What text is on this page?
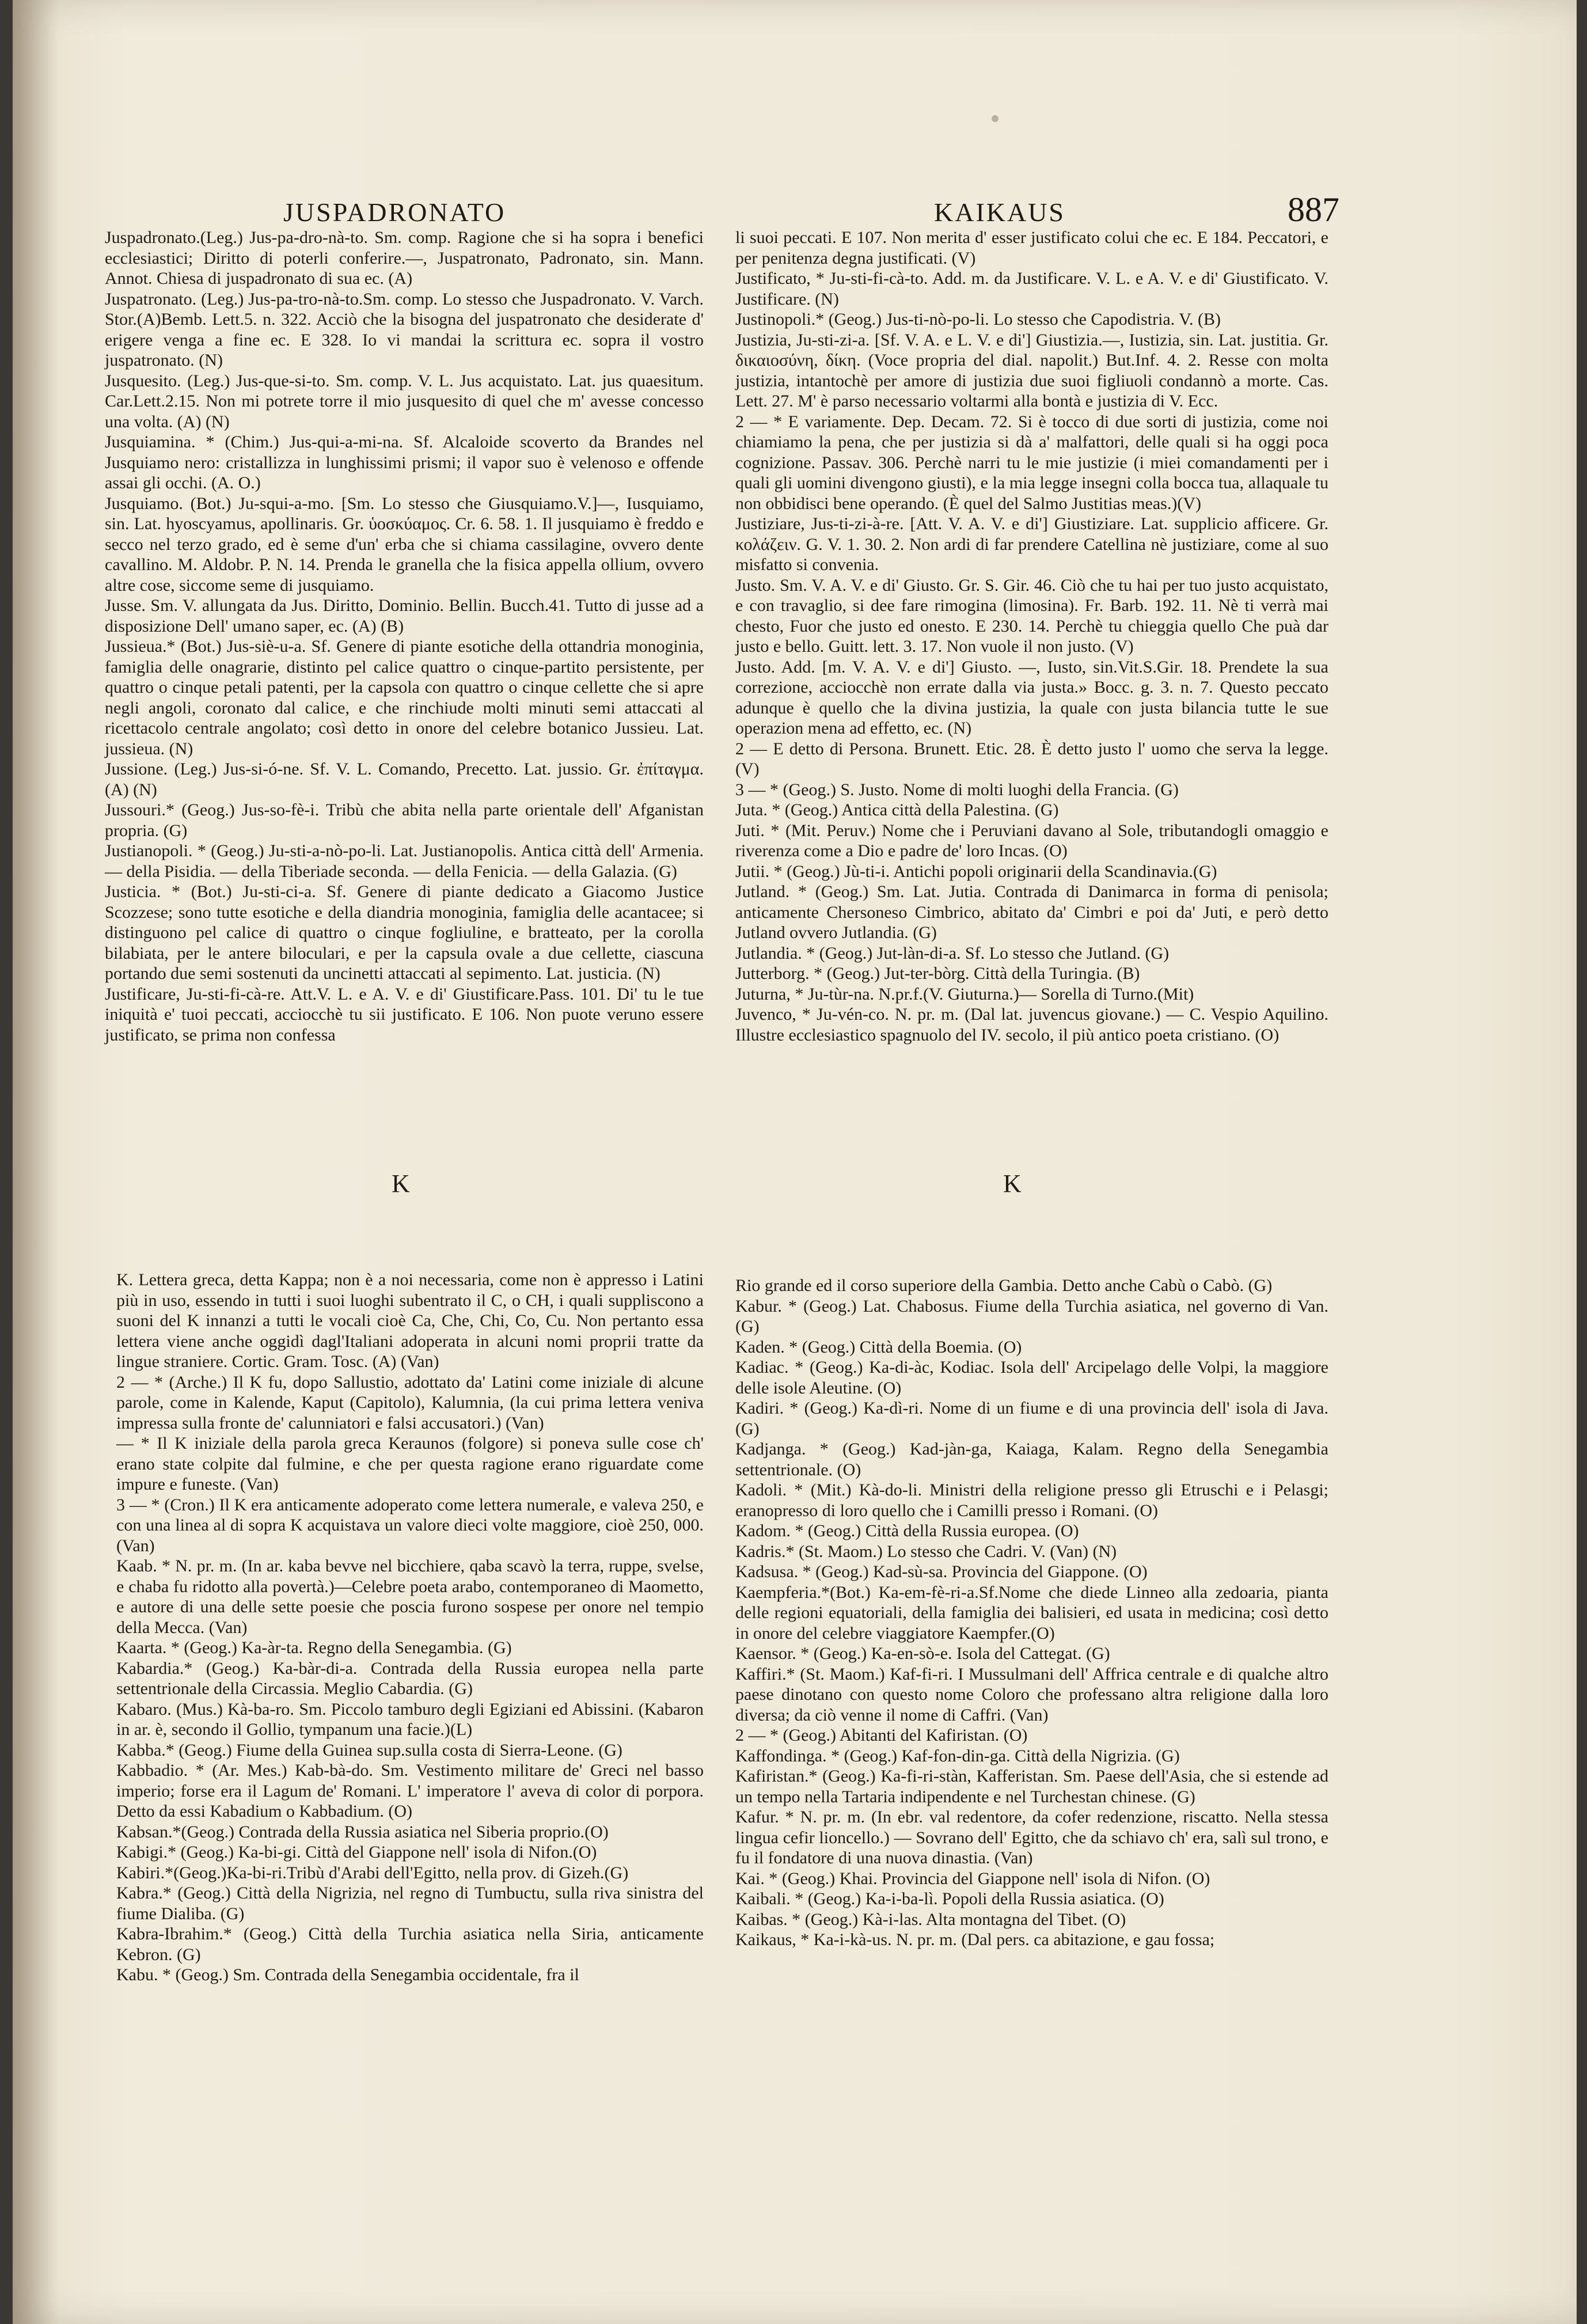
JUSPADRONATO	KAIKAUS	887

Juspadronato.(Leg.) Jus-pa-dro-nà-to. Sm. comp. Ragione che si ha sopra i benefici ecclesiastici; Diritto di poterli conferire.—, Juspatronato, Padronato, sin. Mann. Annot. Chiesa di juspadronato di sua ec. (A)

Juspatronato. (Leg.) Jus-pa-tro-nà-to.Sm. comp. Lo stesso che Juspadronato. V. Varch. Stor.(A)Bemb. Lett.5. n. 322. Acciò che la bisogna del juspatronato che desiderate d' erigere venga a fine ec. E 328. Io vi mandai la scrittura ec. sopra il vostro juspatronato. (N)

Jusquesito. (Leg.) Jus-que-si-to. Sm. comp. V. L. Jus acquistato. Lat. jus quaesitum. Car.Lett.2.15. Non mi potrete torre il mio jusquesito di quel che m' avesse concesso una volta. (A) (N)

Jusquiamina. * (Chim.) Jus-qui-a-mi-na. Sf. Alcaloide scoverto da Brandes nel Jusquiamo nero: cristallizza in lunghissimi prismi; il vapor suo è velenoso e offende assai gli occhi. (A. O.)

Jusquiamo. (Bot.) Ju-squi-a-mo. [Sm. Lo stesso che Giusquiamo.V.]—, Iusquiamo, sin. Lat. hyoscyamus, apollinaris. Gr. ὑοσκύαμος. Cr. 6. 58. 1. Il jusquiamo è freddo e secco nel terzo grado, ed è seme d'un' erba che si chiama cassilagine, ovvero dente cavallino. M. Aldobr. P. N. 14. Prenda le granella che la fisica appella ollium, ovvero altre cose, siccome seme di jusquiamo.

Jusse. Sm. V. allungata da Jus. Diritto, Dominio. Bellin. Bucch.41. Tutto di jusse ad a disposizione Dell' umano saper, ec. (A) (B)

Jussieua.* (Bot.) Jus-siè-u-a. Sf. Genere di piante esotiche della ottandria monoginia, famiglia delle onagrarie, distinto pel calice quattro o cinque-partito persistente, per quattro o cinque petali patenti, per la capsola con quattro o cinque cellette che si apre negli angoli, coronato dal calice, e che rinchiude molti minuti semi attaccati al ricettacolo centrale angolato; così detto in onore del celebre botanico Jussieu. Lat. jussieua. (N)

Jussione. (Leg.) Jus-si-ó-ne. Sf. V. L. Comando, Precetto. Lat. jussio. Gr. ἐπίταγμα. (A) (N)

Jussouri.* (Geog.) Jus-so-fè-i. Tribù che abita nella parte orientale dell' Afganistan propria. (G)

Justianopoli. * (Geog.) Ju-sti-a-nò-po-li. Lat. Justianopolis. Antica città dell' Armenia. — della Pisidia. — della Tiberiade seconda. — della Fenicia. — della Galazia. (G)

Justicia. * (Bot.) Ju-sti-ci-a. Sf. Genere di piante dedicato a Giacomo Justice Scozzese; sono tutte esotiche e della diandria monoginia, famiglia delle acantacee; si distinguono pel calice di quattro o cinque fogliuline, e bratteato, per la corolla bilabiata, per le antere biloculari, e per la capsula ovale a due cellette, ciascuna portando due semi sostenuti da uncinetti attaccati al sepimento. Lat. justicia. (N)

Justificare, Ju-sti-fi-cà-re. Att.V. L. e A. V. e di' Giustificare.Pass. 101. Di' tu le tue iniquità e' tuoi peccati, acciocchè tu sii justificato. E 106. Non puote veruno essere justificato, se prima non confessa

li suoi peccati. E 107. Non merita d' esser justificato colui che ec. E 184. Peccatori, e per penitenza degna justificati. (V)

Justificato, * Ju-sti-fi-cà-to. Add. m. da Justificare. V. L. e A. V. e di' Giustificato. V. Justificare. (N)

Justinopoli.* (Geog.) Jus-ti-nò-po-li. Lo stesso che Capodistria. V. (B)

Justizia, Ju-sti-zi-a. [Sf. V. A. e L. V. e di'] Giustizia.—, Iustizia, sin. Lat. justitia. Gr. δικαιοσύνη, δίκη. (Voce propria del dial. napolit.) But.Inf. 4. 2. Resse con molta justizia, intantochè per amore di justizia due suoi figliuoli condannò a morte. Cas. Lett. 27. M' è parso necessario voltarmi alla bontà e justizia di V. Ecc.

2 — * E variamente. Dep. Decam. 72. Si è tocco di due sorti di justizia, come noi chiamiamo la pena, che per justizia si dà a' malfattori, delle quali si ha oggi poca cognizione. Passav. 306. Perchè narri tu le mie justizie (i miei comandamenti per i quali gli uomini divengono giusti), e la mia legge insegni colla bocca tua, allaquale tu non obbidisci bene operando. (È quel del Salmo Justitias meas.)(V)

Justiziare, Jus-ti-zi-à-re. [Att. V. A. V. e di'] Giustiziare. Lat. supplicio afficere. Gr. κολάζειν. G. V. 1. 30. 2. Non ardi di far prendere Catellina nè justiziare, come al suo misfatto si convenia.

Justo. Sm. V. A. V. e di' Giusto. Gr. S. Gir. 46. Ciò che tu hai per tuo justo acquistato, e con travaglio, si dee fare rimogina (limosina). Fr. Barb. 192. 11. Nè ti verrà mai chesto, Fuor che justo ed onesto. E 230. 14. Perchè tu chieggia quello Che puà dar justo e bello. Guitt. lett. 3. 17. Non vuole il non justo. (V)

Justo. Add. [m. V. A. V. e di'] Giusto. —, Iusto, sin.Vit.S.Gir. 18. Prendete la sua correzione, acciocchè non errate dalla via justa.» Bocc. g. 3. n. 7. Questo peccato adunque è quello che la divina justizia, la quale con justa bilancia tutte le sue operazion mena ad effetto, ec. (N)

2 — E detto di Persona. Brunett. Etic. 28. È detto justo l' uomo che serva la legge. (V)

3 — * (Geog.) S. Justo. Nome di molti luoghi della Francia. (G)

Juta. * (Geog.) Antica città della Palestina. (G)

Juti. * (Mit. Peruv.) Nome che i Peruviani davano al Sole, tributandogli omaggio e riverenza come a Dio e padre de' loro Incas. (O)

Jutii. * (Geog.) Jù-ti-i. Antichi popoli originarii della Scandinavia.(G)

Jutland. * (Geog.) Sm. Lat. Jutia. Contrada di Danimarca in forma di penisola; anticamente Chersoneso Cimbrico, abitato da' Cimbri e poi da' Juti, e però detto Jutland ovvero Jutlandia. (G)

Jutlandia. * (Geog.) Jut-làn-di-a. Sf. Lo stesso che Jutland. (G)

Jutterborg. * (Geog.) Jut-ter-bòrg. Città della Turingia. (B)

Juturna, * Ju-tùr-na. N.pr.f.(V. Giuturna.)— Sorella di Turno.(Mit)

Juvenco, * Ju-vén-co. N. pr. m. (Dal lat. juvencus giovane.) — C. Vespio Aquilino. Illustre ecclesiastico spagnuolo del IV. secolo, il più antico poeta cristiano. (O)

K	K

K. Lettera greca, detta Kappa; non è a noi necessaria, come non è appresso i Latini più in uso, essendo in tutti i suoi luoghi subentrato il C, o CH, i quali suppliscono a suoni del K innanzi a tutti le vocali cioè Ca, Che, Chi, Co, Cu. Non pertanto essa lettera viene anche oggidì dagl'Italiani adoperata in alcuni nomi proprii tratte da lingue straniere. Cortic. Gram. Tosc. (A) (Van)

2 — * (Arche.) Il K fu, dopo Sallustio, adottato da' Latini come iniziale di alcune parole, come in Kalende, Kaput (Capitolo), Kalumnia, (la cui prima lettera veniva impressa sulla fronte de' calunniatori e falsi accusatori.) (Van)

— * Il K iniziale della parola greca Keraunos (folgore) si poneva sulle cose ch' erano state colpite dal fulmine, e che per questa ragione erano riguardate come impure e funeste. (Van)

3 — * (Cron.) Il K era anticamente adoperato come lettera numerale, e valeva 250, e con una linea al di sopra K acquistava un valore dieci volte maggiore, cioè 250, 000. (Van)

Kaab. * N. pr. m. (In ar. kaba bevve nel bicchiere, qaba scavò la terra, ruppe, svelse, e chaba fu ridotto alla povertà.)—Celebre poeta arabo, contemporaneo di Maometto, e autore di una delle sette poesie che poscia furono sospese per onore nel tempio della Mecca. (Van)

Kaarta. * (Geog.) Ka-àr-ta. Regno della Senegambia. (G)

Kabardia.* (Geog.) Ka-bàr-di-a. Contrada della Russia europea nella parte settentrionale della Circassia. Meglio Cabardia. (G)

Kabaro. (Mus.) Kà-ba-ro. Sm. Piccolo tamburo degli Egiziani ed Abissini. (Kabaron in ar. è, secondo il Gollio, tympanum una facie.)(L)

Kabba.* (Geog.) Fiume della Guinea sup.sulla costa di Sierra-Leone. (G)

Kabbadio. * (Ar. Mes.) Kab-bà-do. Sm. Vestimento militare de' Greci nel basso imperio; forse era il Lagum de' Romani. L' imperatore l' aveva di color di porpora. Detto da essi Kabadium o Kabbadium. (O)

Kabsan.*(Geog.) Contrada della Russia asiatica nel Siberia proprio.(O)

Kabigi.* (Geog.) Ka-bi-gi. Città del Giappone nell' isola di Nifon.(O)

Kabiri.*(Geog.)Ka-bi-ri.Tribù d'Arabi dell'Egitto, nella prov. di Gizeh.(G)

Kabra.* (Geog.) Città della Nigrizia, nel regno di Tumbuctu, sulla riva sinistra del fiume Dialiba. (G)

Kabra-Ibrahim.* (Geog.) Città della Turchia asiatica nella Siria, anticamente Kebron. (G)

Kabu. * (Geog.) Sm. Contrada della Senegambia occidentale, fra il

Rio grande ed il corso superiore della Gambia. Detto anche Cabù o Cabò. (G)

Kabur. * (Geog.) Lat. Chabosus. Fiume della Turchia asiatica, nel governo di Van. (G)

Kaden. * (Geog.) Città della Boemia. (O)

Kadiac. * (Geog.) Ka-di-àc, Kodiac. Isola dell' Arcipelago delle Volpi, la maggiore delle isole Aleutine. (O)

Kadiri. * (Geog.) Ka-dì-ri. Nome di un fiume e di una provincia dell' isola di Java. (G)

Kadjanga. * (Geog.) Kad-jàn-ga, Kaiaga, Kalam. Regno della Senegambia settentrionale. (O)

Kadoli. * (Mit.) Kà-do-li. Ministri della religione presso gli Etruschi e i Pelasgi; eranopresso di loro quello che i Camilli presso i Romani. (O)

Kadom. * (Geog.) Città della Russia europea. (O)

Kadris.* (St. Maom.) Lo stesso che Cadri. V. (Van) (N)

Kadsusa. * (Geog.) Kad-sù-sa. Provincia del Giappone. (O)

Kaempferia.*(Bot.) Ka-em-fè-ri-a.Sf.Nome che diede Linneo alla zedoaria, pianta delle regioni equatoriali, della famiglia dei balisieri, ed usata in medicina; così detto in onore del celebre viaggiatore Kaempfer.(O)

Kaensor. * (Geog.) Ka-en-sò-e. Isola del Cattegat. (G)

Kaffiri.* (St. Maom.) Kaf-fi-ri. I Mussulmani dell' Affrica centrale e di qualche altro paese dinotano con questo nome Coloro che professano altra religione dalla loro diversa; da ciò venne il nome di Caffri. (Van)

2 — * (Geog.) Abitanti del Kafiristan. (O)

Kaffondinga. * (Geog.) Kaf-fon-din-ga. Città della Nigrizia. (G)

Kafiristan.* (Geog.) Ka-fi-ri-stàn, Kafferistan. Sm. Paese dell'Asia, che si estende ad un tempo nella Tartaria indipendente e nel Turchestan chinese. (G)

Kafur. * N. pr. m. (In ebr. val redentore, da cofer redenzione, riscatto. Nella stessa lingua cefir lioncello.) — Sovrano dell' Egitto, che da schiavo ch' era, salì sul trono, e fu il fondatore di una nuova dinastia. (Van)

Kai. * (Geog.) Khai. Provincia del Giappone nell' isola di Nifon. (O)

Kaibali. * (Geog.) Ka-i-ba-lì. Popoli della Russia asiatica. (O)

Kaibas. * (Geog.) Kà-i-las. Alta montagna del Tibet. (O)

Kaikaus, * Ka-i-kà-us. N. pr. m. (Dal pers. ca abitazione, e gau fossa;
